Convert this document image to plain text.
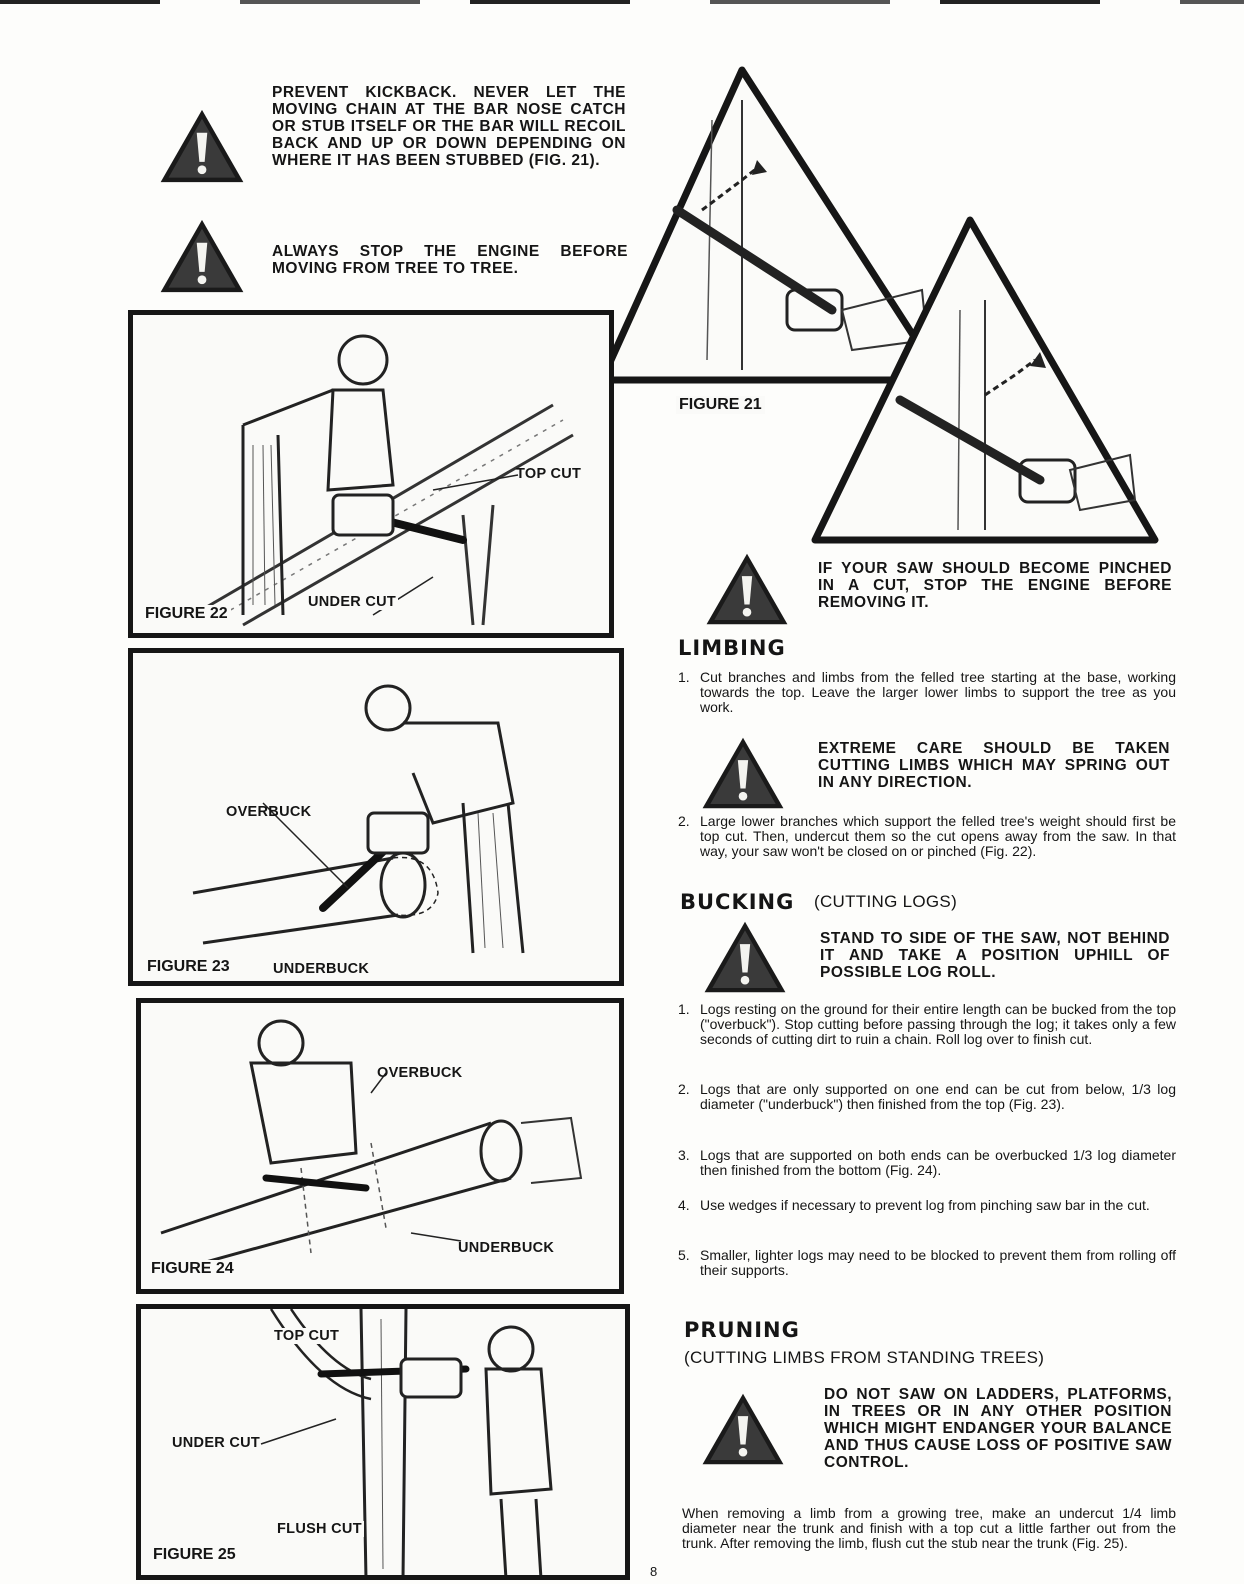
PREVENT KICKBACK. NEVER LET THE MOVING CHAIN AT THE BAR NOSE CATCH OR STUB ITSELF OR THE BAR WILL RECOIL BACK AND UP OR DOWN DEPENDING ON WHERE IT HAS BEEN STUBBED (FIG. 21).
ALWAYS STOP THE ENGINE BEFORE MOVING FROM TREE TO TREE.
FIGURE 21
TOP CUT
UNDER CUT
FIGURE 22
OVERBUCK
UNDERBUCK
FIGURE 23
OVERBUCK
UNDERBUCK
FIGURE 24
TOP CUT
UNDER CUT
FLUSH CUT
FIGURE 25
IF YOUR SAW SHOULD BECOME PINCHED IN A CUT, STOP THE ENGINE BEFORE REMOVING IT.
LIMBING
1. Cut branches and limbs from the felled tree starting at the base, working towards the top. Leave the larger lower limbs to support the tree as you work.
EXTREME CARE SHOULD BE TAKEN CUTTING LIMBS WHICH MAY SPRING OUT IN ANY DIRECTION.
2. Large lower branches which support the felled tree's weight should first be top cut. Then, undercut them so the cut opens away from the saw. In that way, your saw won't be closed on or pinched (Fig. 22).
BUCKING (CUTTING LOGS)
STAND TO SIDE OF THE SAW, NOT BEHIND IT AND TAKE A POSITION UPHILL OF POSSIBLE LOG ROLL.
1. Logs resting on the ground for their entire length can be bucked from the top ("overbuck"). Stop cutting before passing through the log; it takes only a few seconds of cutting dirt to ruin a chain. Roll log over to finish cut.
2. Logs that are only supported on one end can be cut from below, 1/3 log diameter ("underbuck") then finished from the top (Fig. 23).
3. Logs that are supported on both ends can be overbucked 1/3 log diameter then finished from the bottom (Fig. 24).
4. Use wedges if necessary to prevent log from pinching saw bar in the cut.
5. Smaller, lighter logs may need to be blocked to prevent them from rolling off their supports.
PRUNING
(CUTTING LIMBS FROM STANDING TREES)
DO NOT SAW ON LADDERS, PLATFORMS, IN TREES OR IN ANY OTHER POSITION WHICH MIGHT ENDANGER YOUR BALANCE AND THUS CAUSE LOSS OF POSITIVE SAW CONTROL.
When removing a limb from a growing tree, make an undercut 1/4 limb diameter near the trunk and finish with a top cut a little farther out from the trunk. After removing the limb, flush cut the stub near the trunk (Fig. 25).
8
